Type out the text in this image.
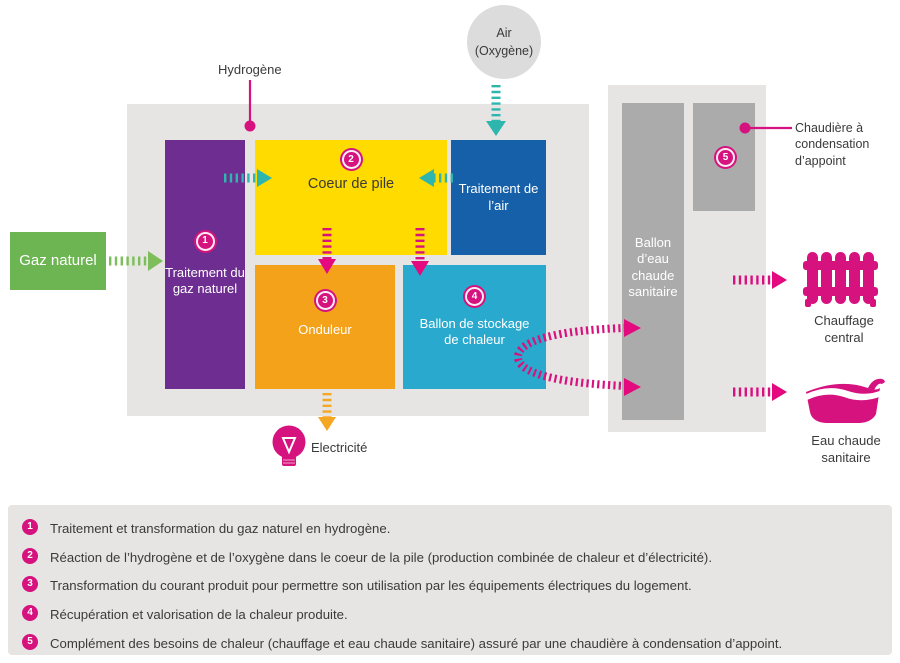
Air
(Oxygène)
Hydrogène
1
Traitement du gaz naturel
2
Coeur de pile	Traitement de l’air
3
Onduleur
4
Ballon de stockage de chaleur
Ballon d’eau chaude sanitaire
5
Gaz naturel
Chaudière à condensation d’appoint
Chauffage central
Eau chaude sanitaire
Electricité
1	Traitement et transformation du gaz naturel en hydrogène.
2	Réaction de l’hydrogène et de l’oxygène dans le coeur de la pile (production combinée de chaleur et d’électricité).
3	Transformation du courant produit pour permettre son utilisation par les équipements électriques du logement.
4	Récupération et valorisation de la chaleur produite.
5	Complément des besoins de chaleur (chauffage et eau chaude sanitaire) assuré par une chaudière à condensation d’appoint.
